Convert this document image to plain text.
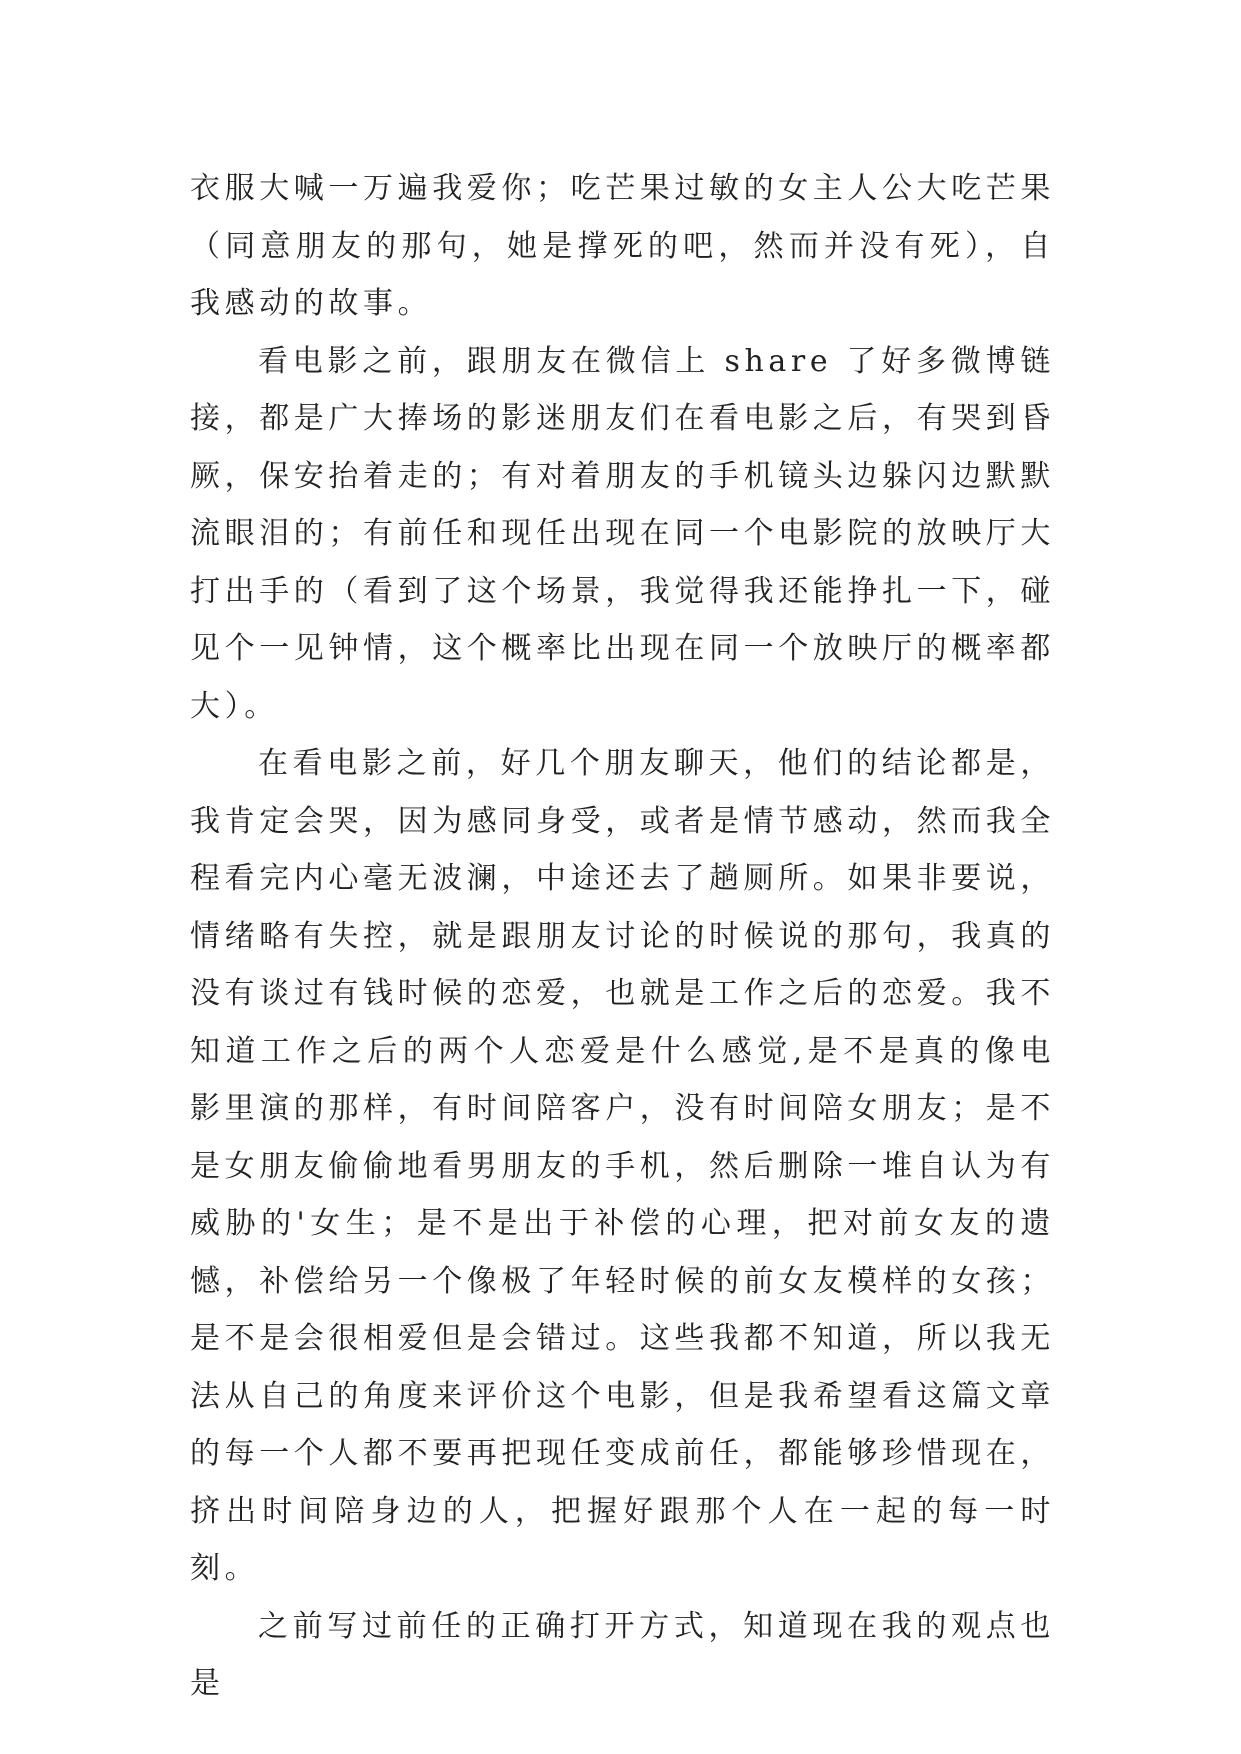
衣服大喊一万遍我爱你；吃芒果过敏的女主人公大吃芒果（同意朋友的那句，她是撑死的吧，然而并没有死），自我感动的故事。

看电影之前，跟朋友在微信上 share 了好多微博链接，都是广大捧场的影迷朋友们在看电影之后，有哭到昏厥，保安抬着走的；有对着朋友的手机镜头边躲闪边默默流眼泪的；有前任和现任出现在同一个电影院的放映厅大打出手的（看到了这个场景，我觉得我还能挣扎一下，碰见个一见钟情，这个概率比出现在同一个放映厅的概率都大）。

在看电影之前，好几个朋友聊天，他们的结论都是，我肯定会哭，因为感同身受，或者是情节感动，然而我全程看完内心毫无波澜，中途还去了趟厕所。如果非要说，情绪略有失控，就是跟朋友讨论的时候说的那句，我真的没有谈过有钱时候的恋爱，也就是工作之后的恋爱。我不知道工作之后的两个人恋爱是什么感觉,是不是真的像电影里演的那样，有时间陪客户，没有时间陪女朋友；是不是女朋友偷偷地看男朋友的手机，然后删除一堆自认为有威胁的'女生；是不是出于补偿的心理，把对前女友的遗憾，补偿给另一个像极了年轻时候的前女友模样的女孩；是不是会很相爱但是会错过。这些我都不知道，所以我无法从自己的角度来评价这个电影，但是我希望看这篇文章的每一个人都不要再把现任变成前任，都能够珍惜现在，挤出时间陪身边的人，把握好跟那个人在一起的每一时刻。

之前写过前任的正确打开方式，知道现在我的观点也是
